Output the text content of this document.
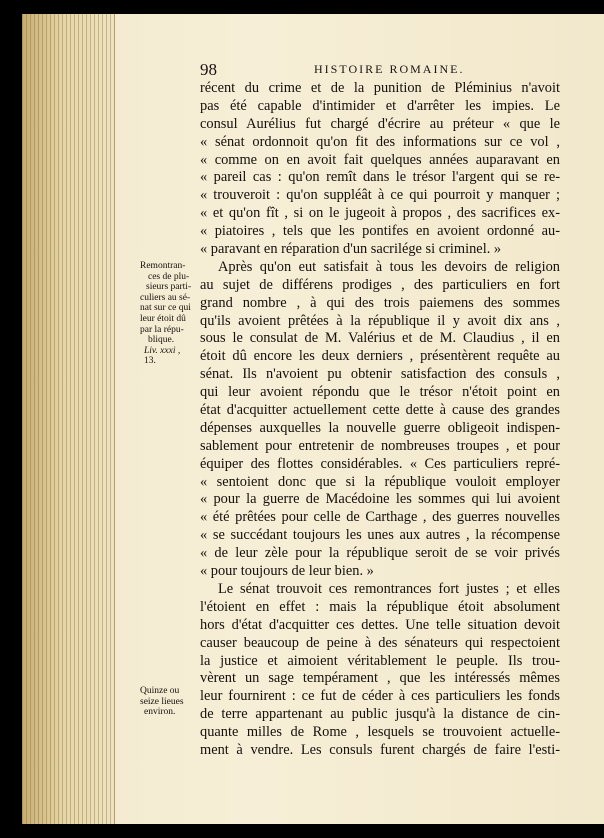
98	HISTOIRE ROMAINE.
Remontran-
ces de plu-
sieurs parti-
culiers au sé-
nat sur ce qui
leur étoit dû
par la répu-
blique.
Liv. xxxi ,
13.
Quinze ou
seize lieues
environ.
récent du crime et de la punition de Pléminius n'avoit
pas été capable d'intimider et d'arrêter les impies. Le
consul Aurélius fut chargé d'écrire au préteur « que le
« sénat ordonnoit qu'on fit des informations sur ce vol ,
« comme on en avoit fait quelques années auparavant en
« pareil cas : qu'on remît dans le trésor l'argent qui se re-
« trouveroit : qu'on suppléât à ce qui pourroit y manquer ;
« et qu'on fît , si on le jugeoit à propos , des sacrifices ex-
« piatoires , tels que les pontifes en avoient ordonné au-
« paravant en réparation d'un sacrilége si criminel. »
Après qu'on eut satisfait à tous les devoirs de religion
au sujet de différens prodiges , des particuliers en fort
grand nombre , à qui des trois paiemens des sommes
qu'ils avoient prêtées à la république il y avoit dix ans ,
sous le consulat de M. Valérius et de M. Claudius , il en
étoit dû encore les deux derniers , présentèrent requête au
sénat. Ils n'avoient pu obtenir satisfaction des consuls ,
qui leur avoient répondu que le trésor n'étoit point en
état d'acquitter actuellement cette dette à cause des grandes
dépenses auxquelles la nouvelle guerre obligeoit indispen-
sablement pour entretenir de nombreuses troupes , et pour
équiper des flottes considérables. « Ces particuliers repré-
« sentoient donc que si la république vouloit employer
« pour la guerre de Macédoine les sommes qui lui avoient
« été prêtées pour celle de Carthage , des guerres nouvelles
« se succédant toujours les unes aux autres , la récompense
« de leur zèle pour la république seroit de se voir privés
« pour toujours de leur bien. »
Le sénat trouvoit ces remontrances fort justes ; et elles
l'étoient en effet : mais la république étoit absolument
hors d'état d'acquitter ces dettes. Une telle situation devoit
causer beaucoup de peine à des sénateurs qui respectoient
la justice et aimoient véritablement le peuple. Ils trou-
vèrent un sage tempérament , que les intéressés mêmes
leur fournirent : ce fut de céder à ces particuliers les fonds
de terre appartenant au public jusqu'à la distance de cin-
quante milles de Rome , lesquels se trouvoient actuelle-
ment à vendre. Les consuls furent chargés de faire l'esti-
